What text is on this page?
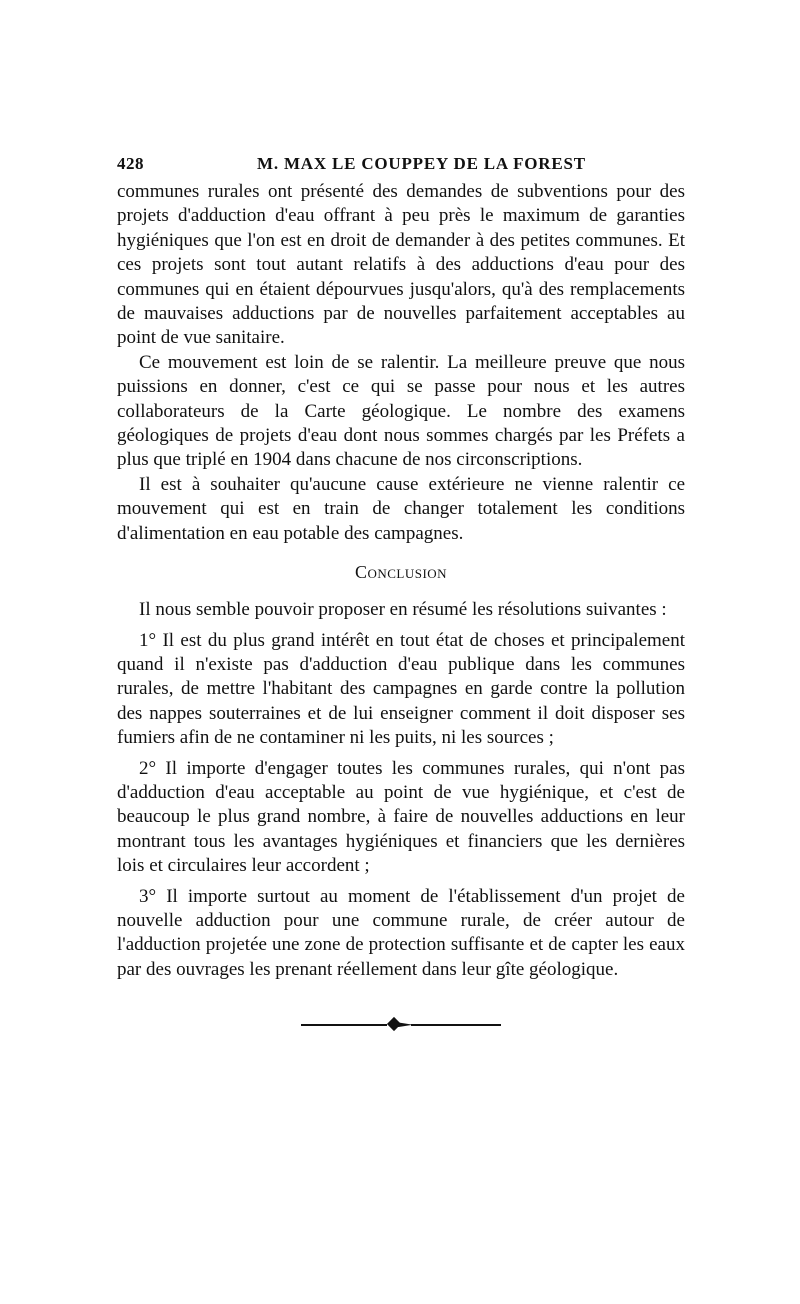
428	M. MAX LE COUPPEY DE LA FOREST

communes rurales ont présenté des demandes de subventions pour des projets d'adduction d'eau offrant à peu près le maximum de garanties hygiéniques que l'on est en droit de demander à des petites communes. Et ces projets sont tout autant relatifs à des adductions d'eau pour des communes qui en étaient dépourvues jusqu'alors, qu'à des remplacements de mauvaises adductions par de nouvelles parfaitement acceptables au point de vue sanitaire.

Ce mouvement est loin de se ralentir. La meilleure preuve que nous puissions en donner, c'est ce qui se passe pour nous et les autres collaborateurs de la Carte géologique. Le nombre des examens géologiques de projets d'eau dont nous sommes chargés par les Préfets a plus que triplé en 1904 dans chacune de nos circonscriptions.

Il est à souhaiter qu'aucune cause extérieure ne vienne ralentir ce mouvement qui est en train de changer totalement les conditions d'alimentation en eau potable des campagnes.

Conclusion

Il nous semble pouvoir proposer en résumé les résolutions suivantes :

1° Il est du plus grand intérêt en tout état de choses et principalement quand il n'existe pas d'adduction d'eau publique dans les communes rurales, de mettre l'habitant des campagnes en garde contre la pollution des nappes souterraines et de lui enseigner comment il doit disposer ses fumiers afin de ne contaminer ni les puits, ni les sources ;

2° Il importe d'engager toutes les communes rurales, qui n'ont pas d'adduction d'eau acceptable au point de vue hygiénique, et c'est de beaucoup le plus grand nombre, à faire de nouvelles adductions en leur montrant tous les avantages hygiéniques et financiers que les dernières lois et circulaires leur accordent ;

3° Il importe surtout au moment de l'établissement d'un projet de nouvelle adduction pour une commune rurale, de créer autour de l'adduction projetée une zone de protection suffisante et de capter les eaux par des ouvrages les prenant réellement dans leur gîte géologique.
